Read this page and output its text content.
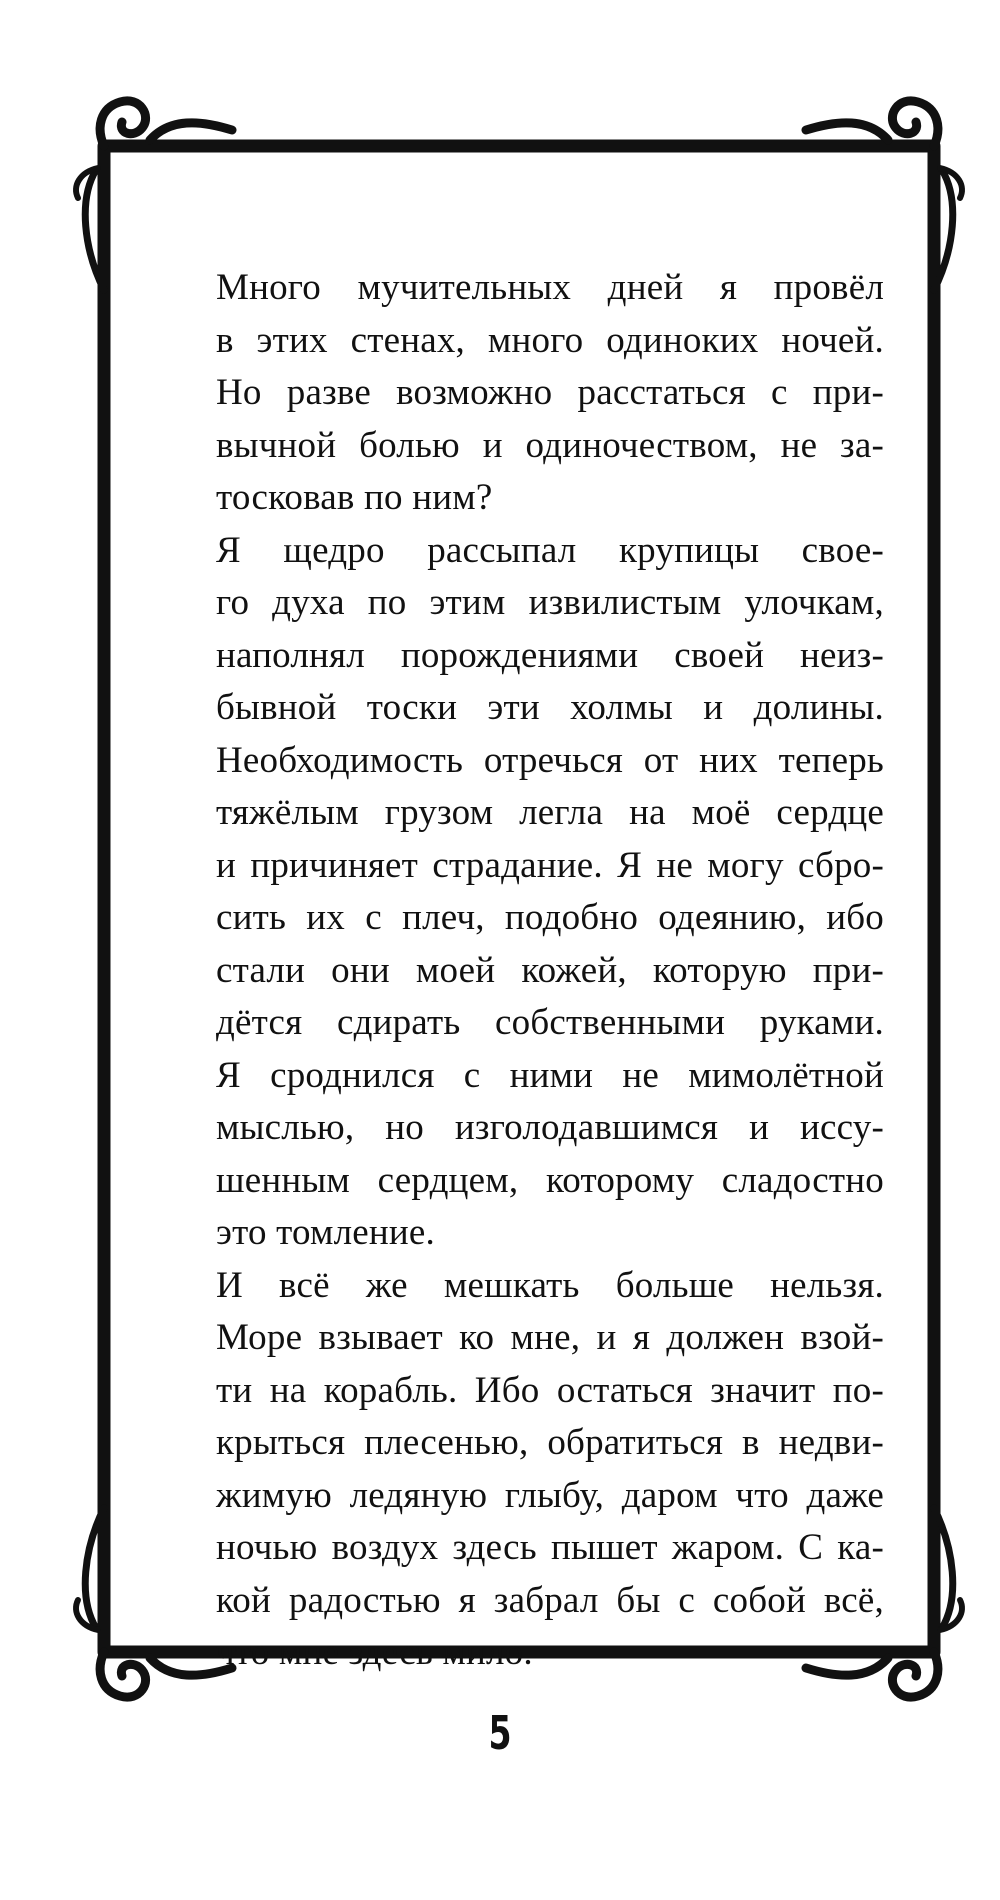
Много мучительных дней я провёл
в этих стенах, много одиноких ночей.
Но разве возможно расстаться с при-
вычной болью и одиночеством, не за-
тосковав по ним?

Я щедро рассыпал крупицы свое-
го духа по этим извилистым улочкам,
наполнял порождениями своей неиз-
бывной тоски эти холмы и долины.
Необходимость отречься от них теперь
тяжёлым грузом легла на моё сердце
и причиняет страдание. Я не могу сбро-
сить их с плеч, подобно одеянию, ибо
стали они моей кожей, которую при-
дётся сдирать собственными руками.
Я сроднился с ними не мимолётной
мыслью, но изголодавшимся и иссу-
шенным сердцем, которому сладостно
это томление.

И всё же мешкать больше нельзя.
Море взывает ко мне, и я должен взой-
ти на корабль. Ибо остаться значит по-
крыться плесенью, обратиться в недви-
жимую ледяную глыбу, даром что даже
ночью воздух здесь пышет жаром. С ка-
кой радостью я забрал бы с собой всё,
что мне здесь мило.

5
